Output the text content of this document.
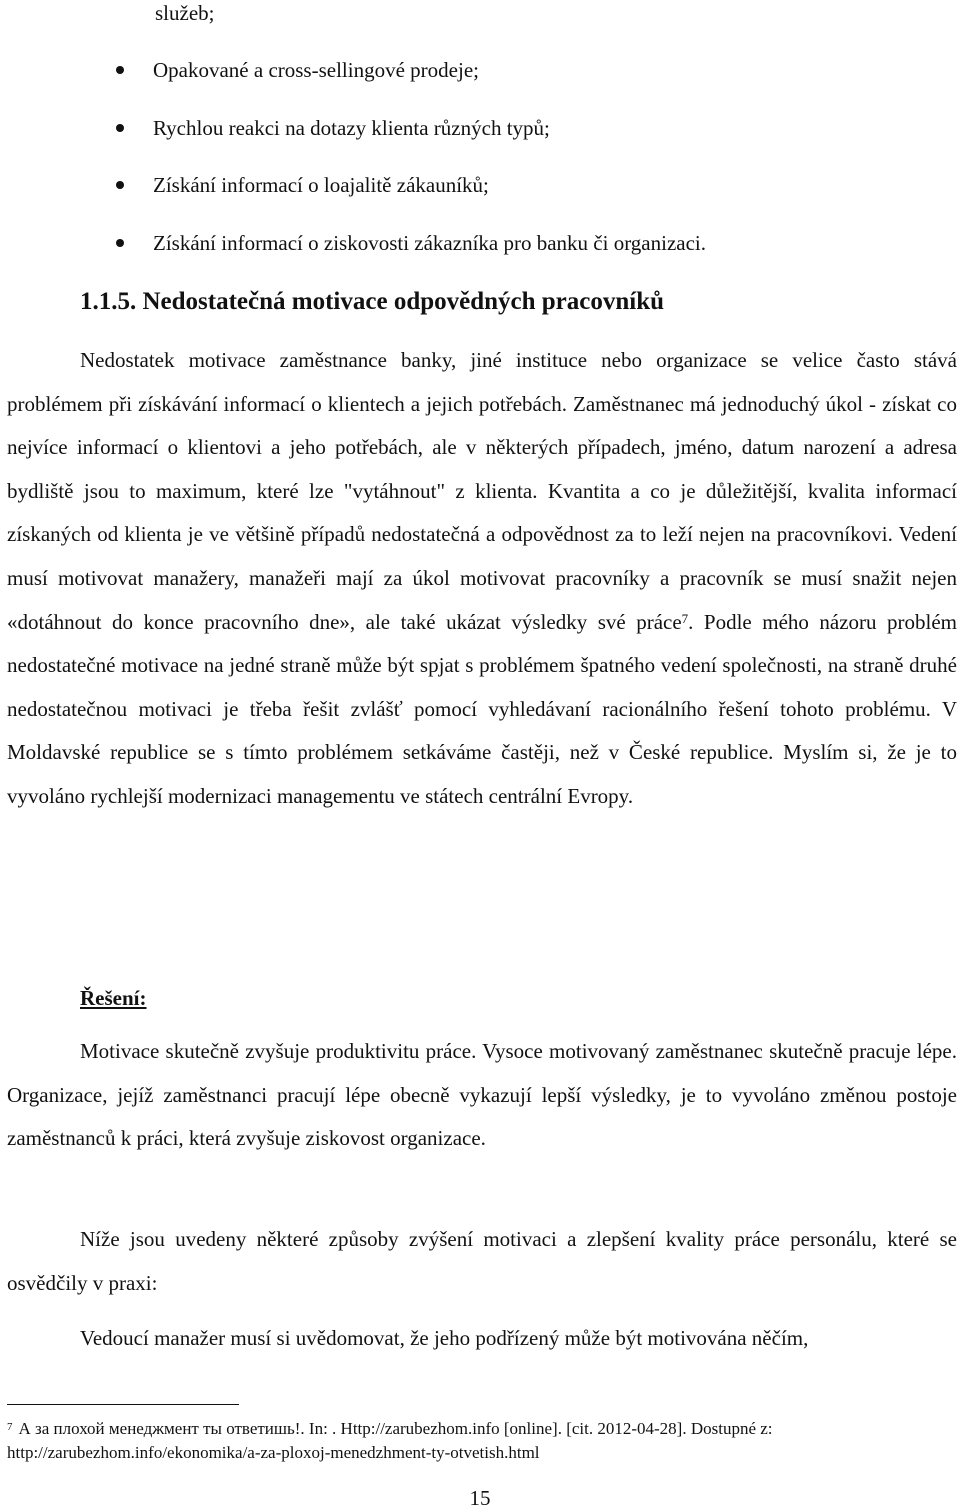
služeb;
Opakované a cross-sellingové prodeje;
Rychlou reakci na dotazy klienta různých typů;
Získání informací o loajalitě zákauníků;
Získání informací o ziskovosti zákazníka pro banku či organizaci.
1.1.5. Nedostatečná motivace odpovědných pracovníků

Nedostatek motivace zaměstnance banky, jiné instituce nebo organizace se velice často stává problémem při získávání informací o klientech a jejich potřebách. Zaměstnanec má jednoduchý úkol - získat co nejvíce informací o klientovi a jeho potřebách, ale v některých případech, jméno, datum narození a adresa bydliště jsou to maximum, které lze "vytáhnout" z klienta. Kvantita a co je důležitější, kvalita informací získaných od klienta je ve většině případů nedostatečná a odpovědnost za to leží nejen na pracovníkovi. Vedení musí motivovat manažery, manažeři mají za úkol motivovat pracovníky a pracovník se musí snažit nejen «dotáhnout do konce pracovního dne», ale také ukázat výsledky své práce$^7$. Podle mého názoru problém nedostatečné motivace na jedné straně může být spjat s problémem špatného vedení společnosti, na straně druhé nedostatečnou motivaci je třeba řešit zvlášť pomocí vyhledávaní racionálního řešení tohoto problému. V Moldavské republice se s tímto problémem setkáváme častěji, než v České republice. Myslím si, že je to vyvoláno rychlejší modernizaci managementu ve státech centrální Evropy.

Řešení:

Motivace skutečně zvyšuje produktivitu práce. Vysoce motivovaný zaměstnanec skutečně pracuje lépe. Organizace, jejíž zaměstnanci pracují lépe obecně vykazují lepší výsledky, je to vyvoláno změnou postoje zaměstnanců k práci, která zvyšuje ziskovost organizace.

Níže jsou uvedeny některé způsoby zvýšení motivaci a zlepšení kvality práce personálu, které se osvědčily v praxi:

Vedoucí manažer musí si uvědomovat, že jeho podřízený může být motivována něčím,

$^7$ А за плохой менеджмент ты ответишь!. In: . Http://zarubezhom.info [online]. [cit. 2012-04-28]. Dostupné z: http://zarubezhom.info/ekonomika/a-za-ploxoj-menedzhment-ty-otvetish.html

15
